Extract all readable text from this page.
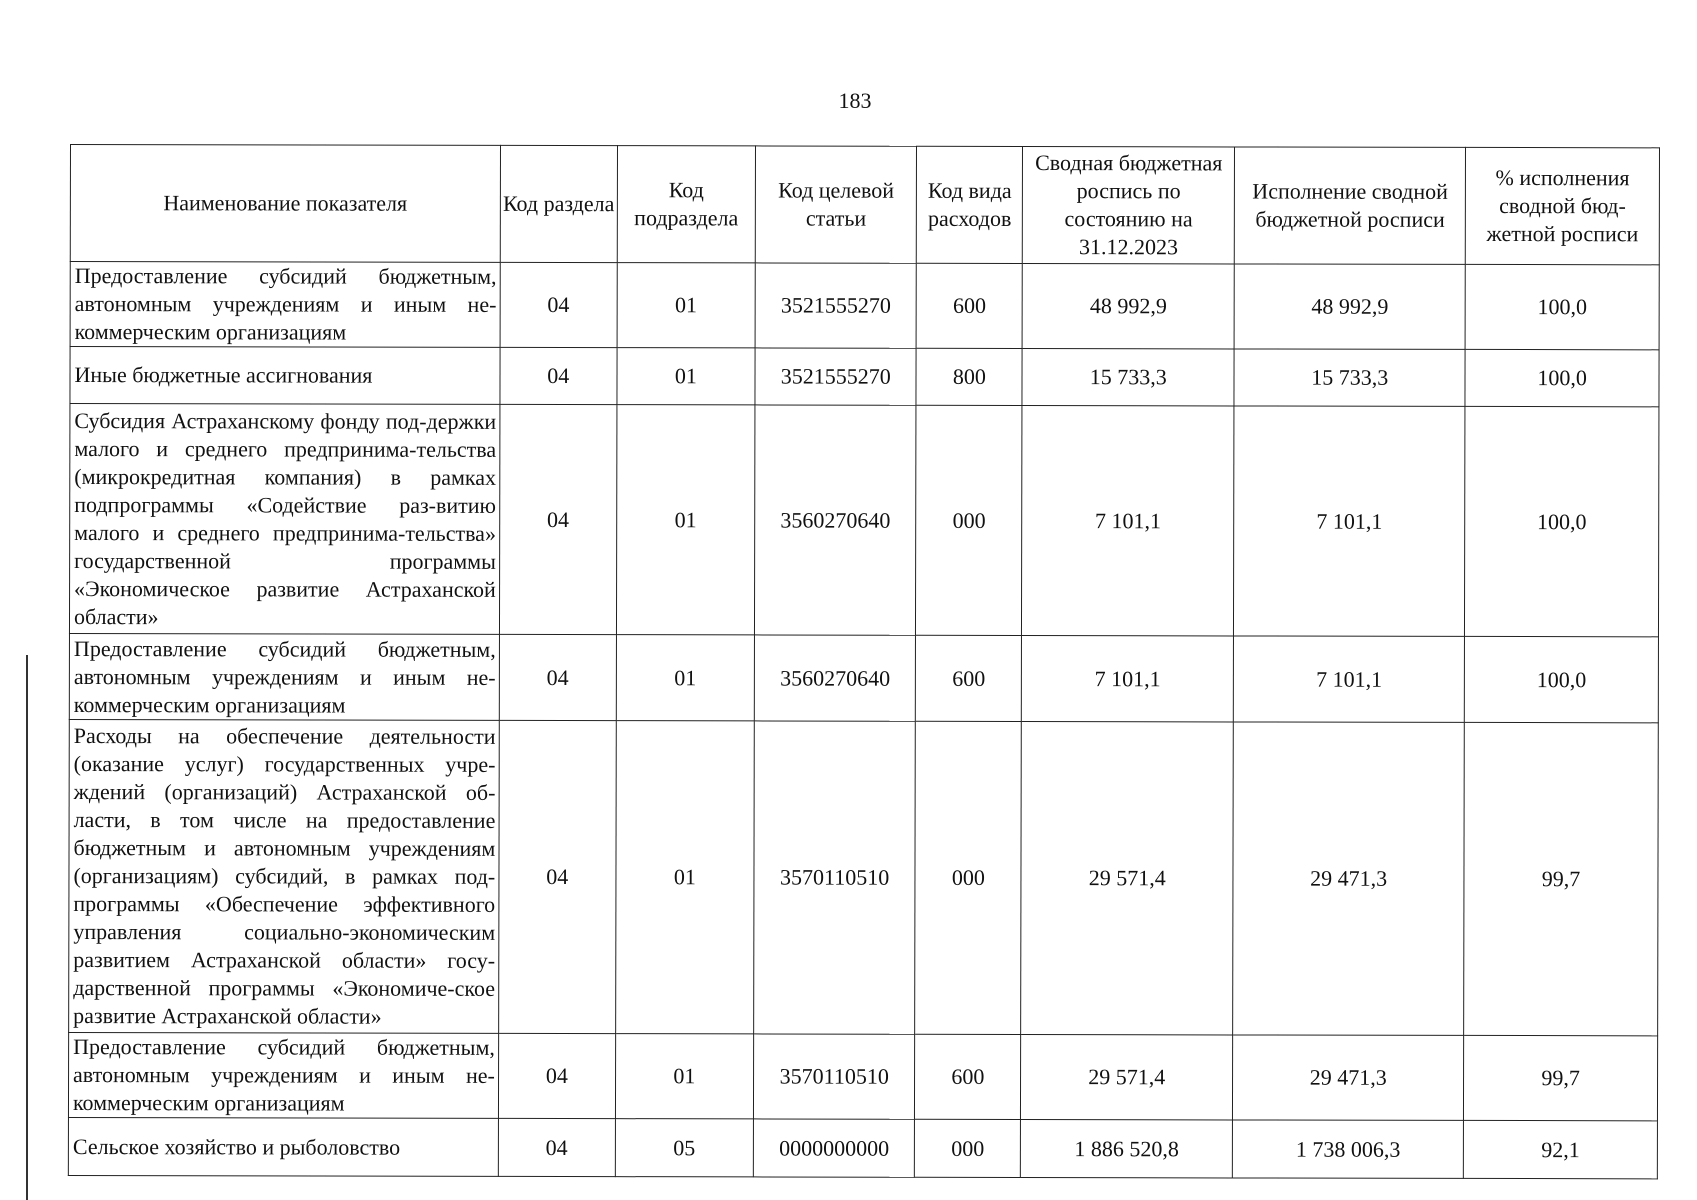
183
Наименование показателя	Код раздела	Код подраздела	Код целевой статьи	Код вида расходов	Сводная бюджетная роспись по состоянию на 31.12.2023	Исполнение сводной бюджетной росписи	% исполнения сводной бюд-жетной росписи
Предоставление субсидий бюджетным, автономным учреждениям и иным не-коммерческим организациям	04	01	3521555270	600	48 992,9	48 992,9	100,0
Иные бюджетные ассигнования	04	01	3521555270	800	15 733,3	15 733,3	100,0
Субсидия Астраханскому фонду под-держки малого и среднего предпринима-тельства (микрокредитная компания) в рамках подпрограммы «Содействие раз-витию малого и среднего предпринима-тельства» государственной программы «Экономическое развитие Астраханской области»	04	01	3560270640	000	7 101,1	7 101,1	100,0
Предоставление субсидий бюджетным, автономным учреждениям и иным не-коммерческим организациям	04	01	3560270640	600	7 101,1	7 101,1	100,0
Расходы на обеспечение деятельности (оказание услуг) государственных учре-ждений (организаций) Астраханской об-ласти, в том числе на предоставление бюджетным и автономным учреждениям (организациям) субсидий, в рамках под-программы «Обеспечение эффективного управления социально-экономическим развитием Астраханской области» госу-дарственной программы «Экономиче-ское развитие Астраханской области»	04	01	3570110510	000	29 571,4	29 471,3	99,7
Предоставление субсидий бюджетным, автономным учреждениям и иным не-коммерческим организациям	04	01	3570110510	600	29 571,4	29 471,3	99,7
Сельское хозяйство и рыболовство	04	05	0000000000	000	1 886 520,8	1 738 006,3	92,1
